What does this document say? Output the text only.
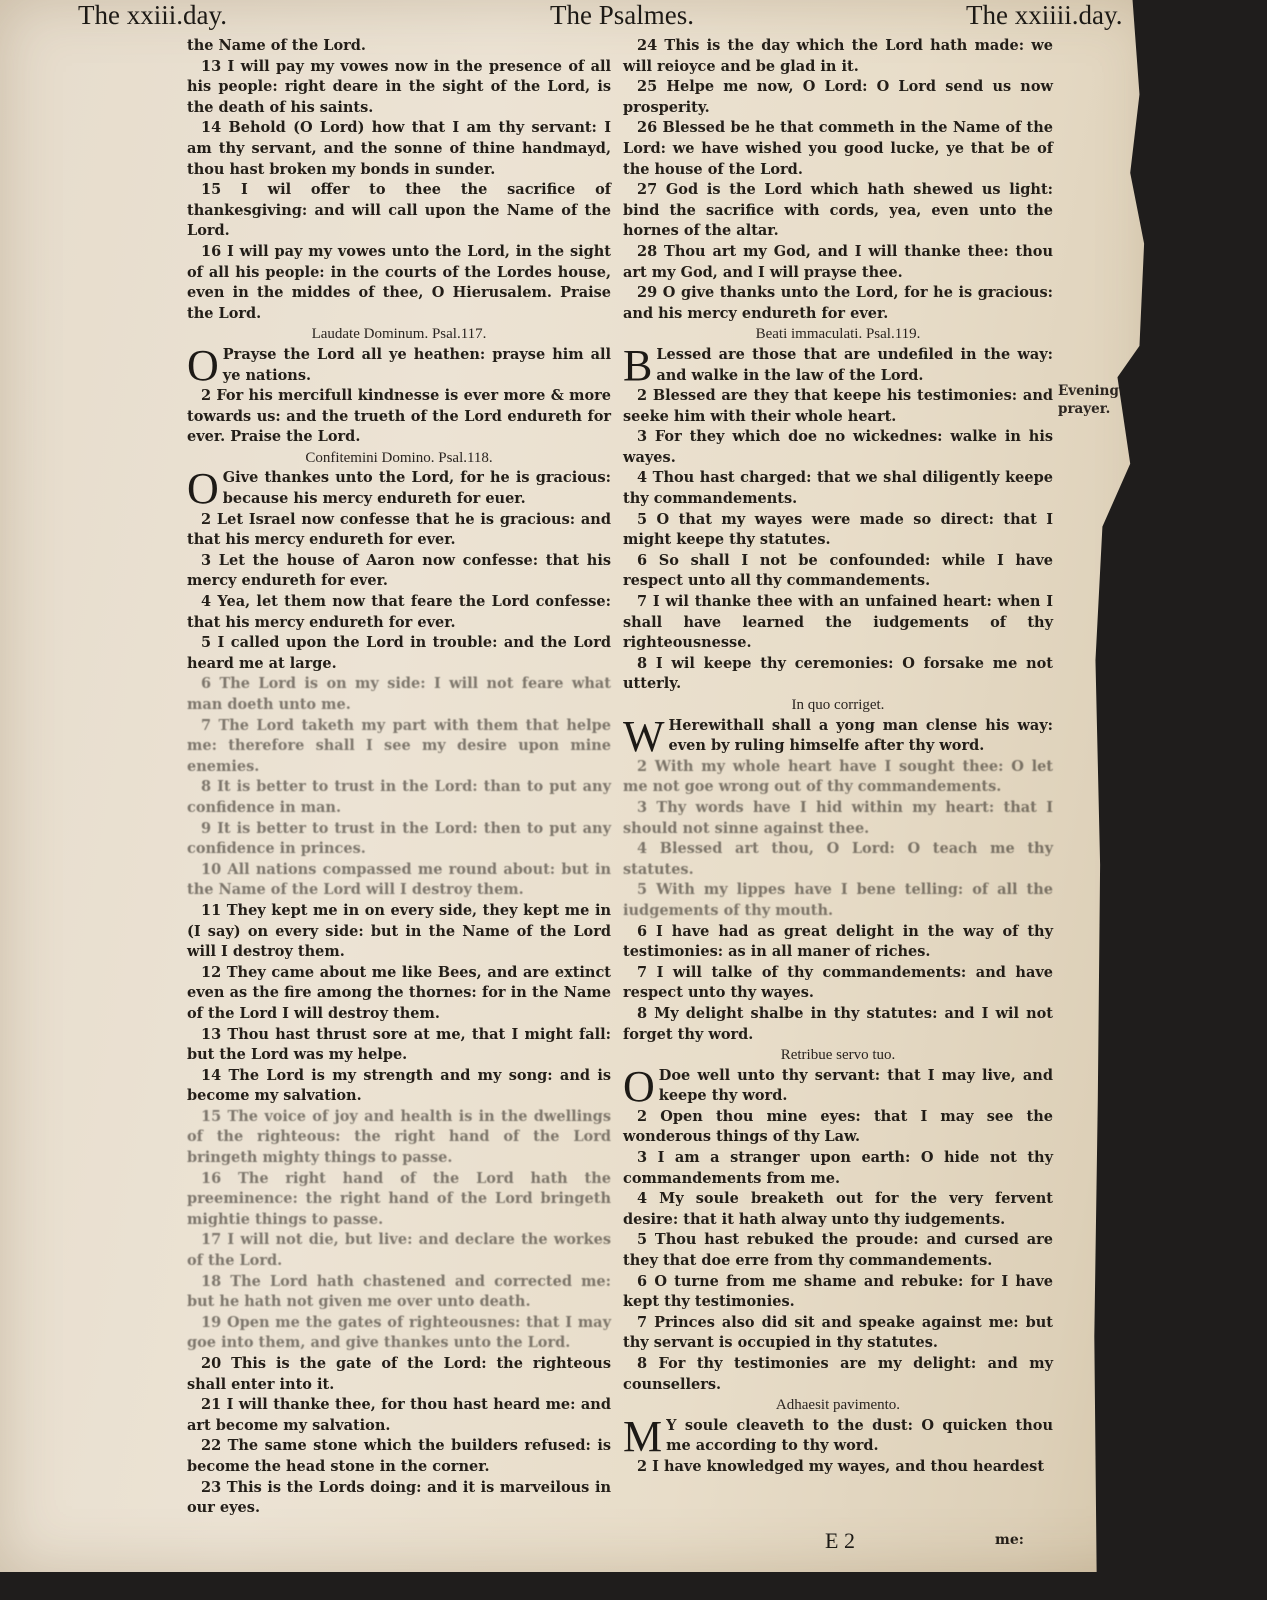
The xxiii.day.	The Psalmes.	The xxiiii.day.

the Name of the Lord.

13 I will pay my vowes now in the presence of all his people: right deare in the sight of the Lord, is the death of his saints.

14 Behold (O Lord) how that I am thy servant: I am thy servant, and the sonne of thine handmayd, thou hast broken my bonds in sunder.

15 I wil offer to thee the sacrifice of thankesgiving: and will call upon the Name of the Lord.

16 I will pay my vowes unto the Lord, in the sight of all his people: in the courts of the Lordes house, even in the middes of thee, O Hierusalem. Praise the Lord.

Laudate Dominum. Psal.117.

O Prayse the Lord all ye heathen: prayse him all ye nations.

2 For his mercifull kindnesse is ever more & more towards us: and the trueth of the Lord endureth for ever. Praise the Lord.

Confitemini Domino. Psal.118.

O Give thankes unto the Lord, for he is gracious: because his mercy endureth for euer.

2 Let Israel now confesse that he is gracious: and that his mercy endureth for ever.

3 Let the house of Aaron now confesse: that his mercy endureth for ever.

4 Yea, let them now that feare the Lord confesse: that his mercy endureth for ever.

5 I called upon the Lord in trouble: and the Lord heard me at large.

6 The Lord is on my side: I will not feare what man doeth unto me.

7 The Lord taketh my part with them that helpe me: therefore shall I see my desire upon mine enemies.

8 It is better to trust in the Lord: than to put any confidence in man.

9 It is better to trust in the Lord: then to put any confidence in princes.

10 All nations compassed me round about: but in the Name of the Lord will I destroy them.

11 They kept me in on every side, they kept me in (I say) on every side: but in the Name of the Lord will I destroy them.

12 They came about me like Bees, and are extinct even as the fire among the thornes: for in the Name of the Lord I will destroy them.

13 Thou hast thrust sore at me, that I might fall: but the Lord was my helpe.

14 The Lord is my strength and my song: and is become my salvation.

15 The voice of joy and health is in the dwellings of the righteous: the right hand of the Lord bringeth mighty things to passe.

16 The right hand of the Lord hath the preeminence: the right hand of the Lord bringeth mightie things to passe.

17 I will not die, but live: and declare the workes of the Lord.

18 The Lord hath chastened and corrected me: but he hath not given me over unto death.

19 Open me the gates of righteousnes: that I may goe into them, and give thankes unto the Lord.

20 This is the gate of the Lord: the righteous shall enter into it.

21 I will thanke thee, for thou hast heard me: and art become my salvation.

22 The same stone which the builders refused: is become the head stone in the corner.

23 This is the Lords doing: and it is marveilous in our eyes.

24 This is the day which the Lord hath made: we will reioyce and be glad in it.

25 Helpe me now, O Lord: O Lord send us now prosperity.

26 Blessed be he that commeth in the Name of the Lord: we have wished you good lucke, ye that be of the house of the Lord.

27 God is the Lord which hath shewed us light: bind the sacrifice with cords, yea, even unto the hornes of the altar.

28 Thou art my God, and I will thanke thee: thou art my God, and I will prayse thee.

29 O give thanks unto the Lord, for he is gracious: and his mercy endureth for ever.

Beati immaculati. Psal.119.

B Lessed are those that are undefiled in the way: and walke in the law of the Lord.

2 Blessed are they that keepe his testimonies: and seeke him with their whole heart.

3 For they which doe no wickednes: walke in his wayes.

4 Thou hast charged: that we shal diligently keepe thy commandements.

5 O that my wayes were made so direct: that I might keepe thy statutes.

6 So shall I not be confounded: while I have respect unto all thy commandements.

7 I wil thanke thee with an unfained heart: when I shall have learned the iudgements of thy righteousnesse.

8 I wil keepe thy ceremonies: O forsake me not utterly.

In quo corriget.

W Herewithall shall a yong man clense his way: even by ruling himselfe after thy word.

2 With my whole heart have I sought thee: O let me not goe wrong out of thy commandements.

3 Thy words have I hid within my heart: that I should not sinne against thee.

4 Blessed art thou, O Lord: O teach me thy statutes.

5 With my lippes have I bene telling: of all the iudgements of thy mouth.

6 I have had as great delight in the way of thy testimonies: as in all maner of riches.

7 I will talke of thy commandements: and have respect unto thy wayes.

8 My delight shalbe in thy statutes: and I wil not forget thy word.

Retribue servo tuo.

O Doe well unto thy servant: that I may live, and keepe thy word.

2 Open thou mine eyes: that I may see the wonderous things of thy Law.

3 I am a stranger upon earth: O hide not thy commandements from me.

4 My soule breaketh out for the very fervent desire: that it hath alway unto thy iudgements.

5 Thou hast rebuked the proude: and cursed are they that doe erre from thy commandements.

6 O turne from me shame and rebuke: for I have kept thy testimonies.

7 Princes also did sit and speake against me: but thy servant is occupied in thy statutes.

8 For thy testimonies are my delight: and my counsellers.

Adhaesit pavimento.

M Y soule cleaveth to the dust: O quicken thou me according to thy word.

2 I have knowledged my wayes, and thou heardest

Evening prayer.
E 2	me:
